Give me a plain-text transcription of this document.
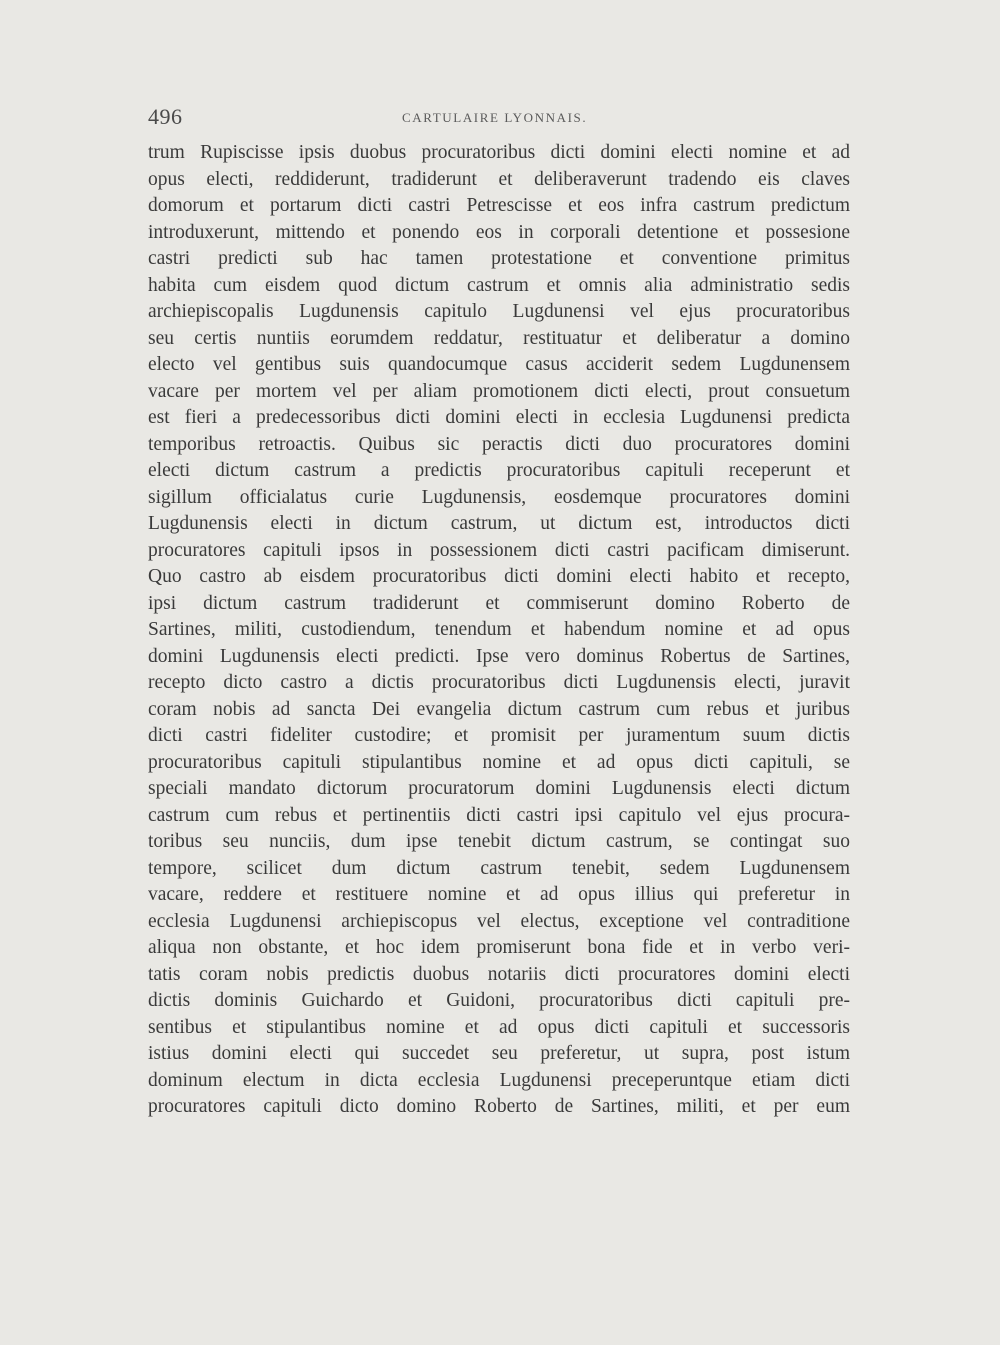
496	CARTULAIRE LYONNAIS.
trum Rupiscisse ipsis duobus procuratoribus dicti domini electi nomine et ad
opus electi, reddiderunt, tradiderunt et deliberaverunt tradendo eis claves
domorum et portarum dicti castri Petrescisse et eos infra castrum predictum
introduxerunt, mittendo et ponendo eos in corporali detentione et possesione
castri predicti sub hac tamen protestatione et conventione primitus
habita cum eisdem quod dictum castrum et omnis alia administratio sedis
archiepiscopalis Lugdunensis capitulo Lugdunensi vel ejus procuratoribus
seu certis nuntiis eorumdem reddatur, restituatur et deliberatur a domino
electo vel gentibus suis quandocumque casus acciderit sedem Lugdunensem
vacare per mortem vel per aliam promotionem dicti electi, prout consuetum
est fieri a predecessoribus dicti domini electi in ecclesia Lugdunensi predicta
temporibus retroactis. Quibus sic peractis dicti duo procuratores domini
electi dictum castrum a predictis procuratoribus capituli receperunt et
sigillum officialatus curie Lugdunensis, eosdemque procuratores domini
Lugdunensis electi in dictum castrum, ut dictum est, introductos dicti
procuratores capituli ipsos in possessionem dicti castri pacificam dimiserunt.
Quo castro ab eisdem procuratoribus dicti domini electi habito et recepto,
ipsi dictum castrum tradiderunt et commiserunt domino Roberto de
Sartines, militi, custodiendum, tenendum et habendum nomine et ad opus
domini Lugdunensis electi predicti. Ipse vero dominus Robertus de Sartines,
recepto dicto castro a dictis procuratoribus dicti Lugdunensis electi, juravit
coram nobis ad sancta Dei evangelia dictum castrum cum rebus et juribus
dicti castri fideliter custodire; et promisit per juramentum suum dictis
procuratoribus capituli stipulantibus nomine et ad opus dicti capituli, se
speciali mandato dictorum procuratorum domini Lugdunensis electi dictum
castrum cum rebus et pertinentiis dicti castri ipsi capitulo vel ejus procura-
toribus seu nunciis, dum ipse tenebit dictum castrum, se contingat suo
tempore, scilicet dum dictum castrum tenebit, sedem Lugdunensem
vacare, reddere et restituere nomine et ad opus illius qui preferetur in
ecclesia Lugdunensi archiepiscopus vel electus, exceptione vel contraditione
aliqua non obstante, et hoc idem promiserunt bona fide et in verbo veri-
tatis coram nobis predictis duobus notariis dicti procuratores domini electi
dictis dominis Guichardo et Guidoni, procuratoribus dicti capituli pre-
sentibus et stipulantibus nomine et ad opus dicti capituli et successoris
istius domini electi qui succedet seu preferetur, ut supra, post istum
dominum electum in dicta ecclesia Lugdunensi preceperuntque etiam dicti
procuratores capituli dicto domino Roberto de Sartines, militi, et per eum
